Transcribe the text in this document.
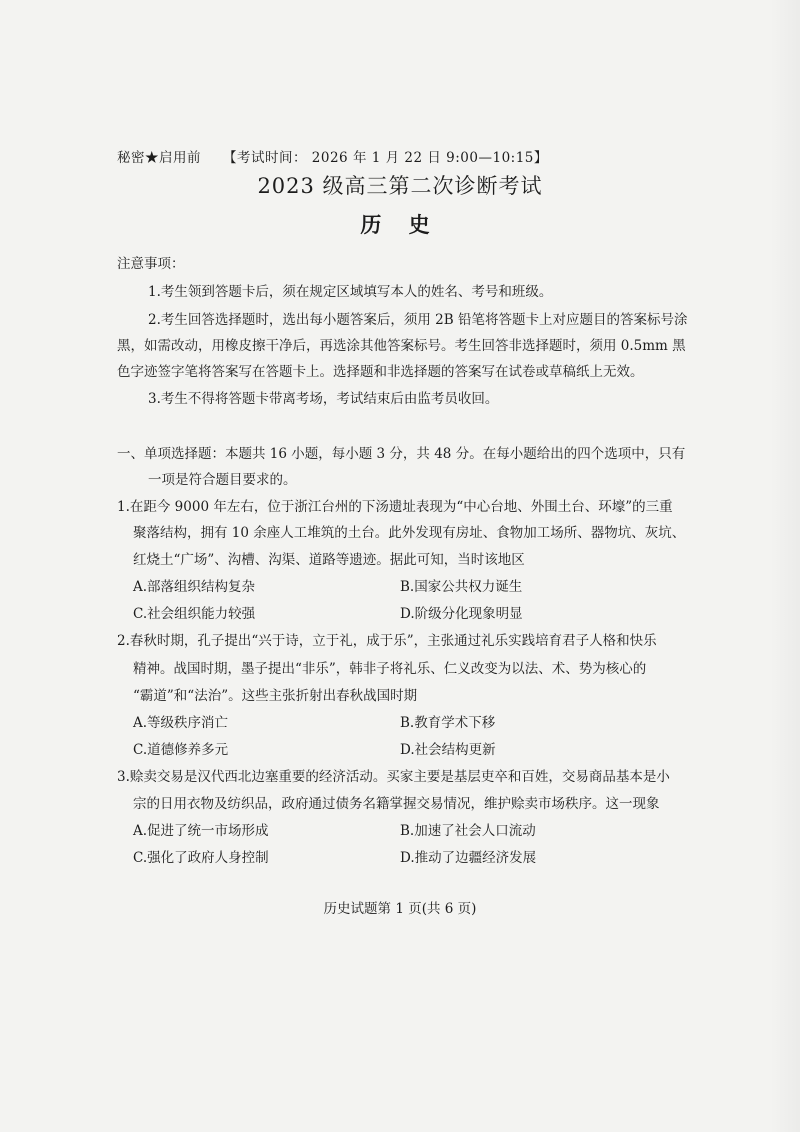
秘密★启用前 【考试时间： 2026 年 1 月 22 日 9:00—10:15】
2023 级高三第二次诊断考试
历 史
注意事项：
1.考生领到答题卡后，须在规定区域填写本人的姓名、考号和班级。
2.考生回答选择题时，选出每小题答案后，须用 2B 铅笔将答题卡上对应题目的答案标号涂
黑，如需改动，用橡皮擦干净后，再选涂其他答案标号。考生回答非选择题时，须用 0.5mm 黑
色字迹签字笔将答案写在答题卡上。选择题和非选择题的答案写在试卷或草稿纸上无效。
3.考生不得将答题卡带离考场，考试结束后由监考员收回。
一、单项选择题：本题共 16 小题，每小题 3 分，共 48 分。在每小题给出的四个选项中，只有
一项是符合题目要求的。
1.在距今 9000 年左右，位于浙江台州的下汤遗址表现为“中心台地、外围土台、环壕”的三重
聚落结构，拥有 10 余座人工堆筑的土台。此外发现有房址、食物加工场所、器物坑、灰坑、
红烧土“广场”、沟槽、沟渠、道路等遗迹。据此可知，当时该地区
A.部落组织结构复杂	B.国家公共权力诞生
C.社会组织能力较强	D.阶级分化现象明显
2.春秋时期，孔子提出“兴于诗，立于礼，成于乐”，主张通过礼乐实践培育君子人格和快乐
精神。战国时期，墨子提出“非乐”，韩非子将礼乐、仁义改变为以法、术、势为核心的
“霸道”和“法治”。这些主张折射出春秋战国时期
A.等级秩序消亡	B.教育学术下移
C.道德修养多元	D.社会结构更新
3.赊卖交易是汉代西北边塞重要的经济活动。买家主要是基层吏卒和百姓，交易商品基本是小
宗的日用衣物及纺织品，政府通过债务名籍掌握交易情况，维护赊卖市场秩序。这一现象
A.促进了统一市场形成	B.加速了社会人口流动
C.强化了政府人身控制	D.推动了边疆经济发展
历史试题第 1 页(共 6 页)
